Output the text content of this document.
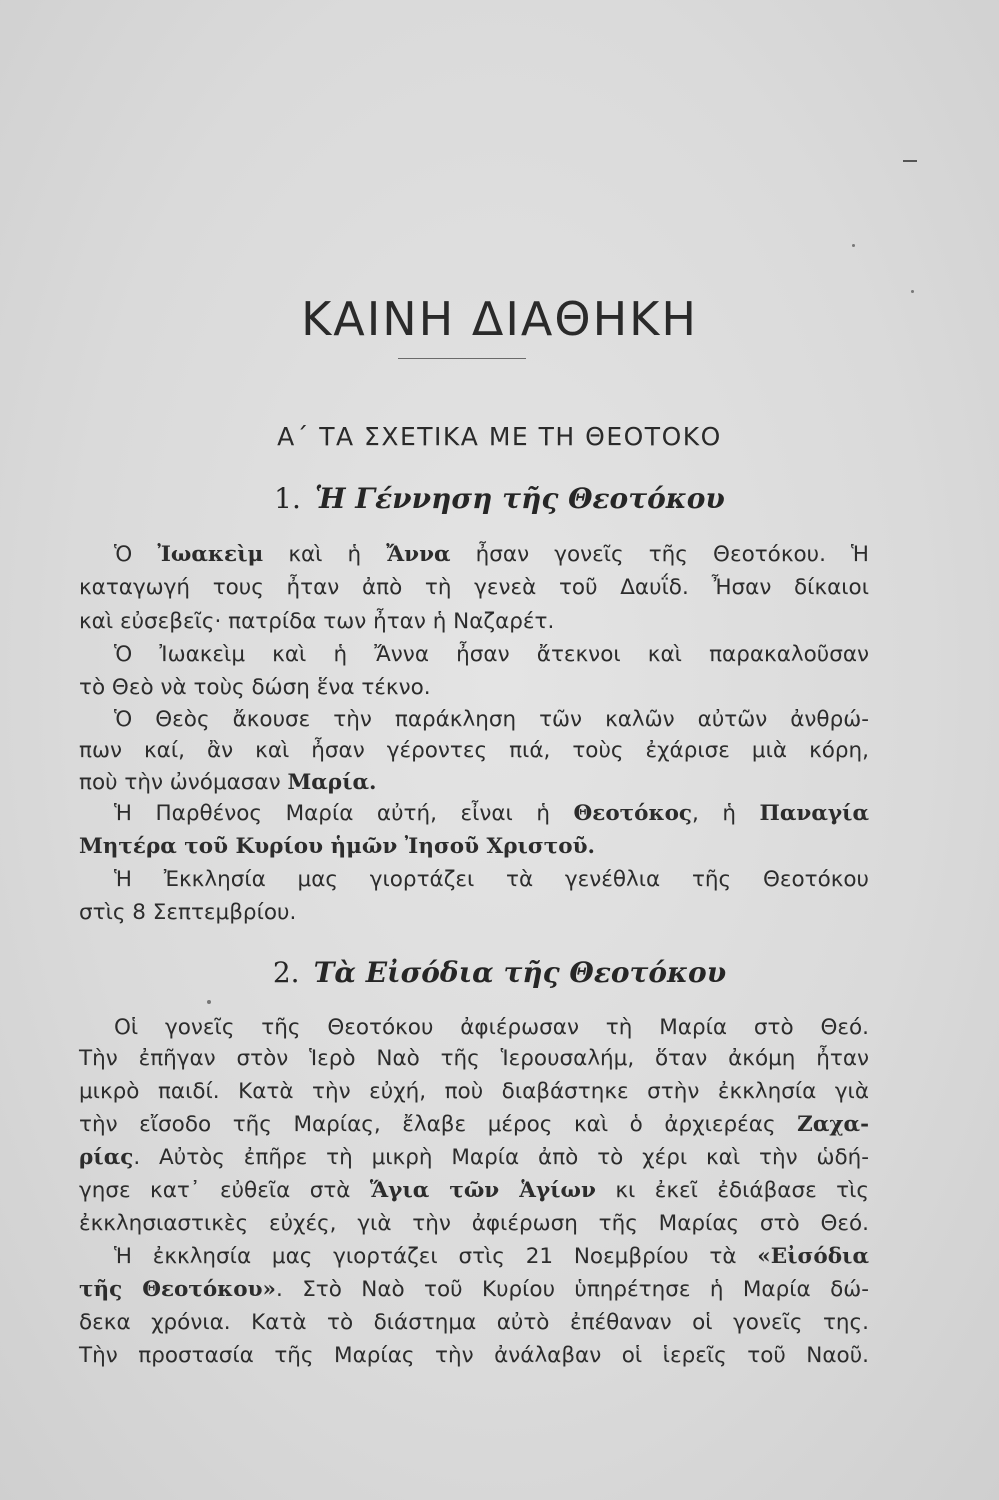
ΚΑΙΝΗ ΔΙΑΘΗΚΗ
Α΄ ΤΑ ΣΧΕΤΙΚΑ ΜΕ ΤΗ ΘΕΟΤΟΚΟ
1. Ἡ Γέννηση τῆς Θεοτόκου
Ὁ Ἰωακεὶμ καὶ ἡ Ἄννα ἦσαν γονεῖς τῆς Θεοτόκου. Ἡ
καταγωγή τους ἦταν ἀπὸ τὴ γενεὰ τοῦ Δαυΐδ. Ἦσαν δίκαιοι
καὶ εὐσεβεῖς· πατρίδα των ἦταν ἡ Ναζαρέτ.
Ὁ Ἰωακεὶμ καὶ ἡ Ἄννα ἦσαν ἄτεκνοι καὶ παρακαλοῦσαν
τὸ Θεὸ νὰ τοὺς δώση ἕνα τέκνο.
Ὁ Θεὸς ἄκουσε τὴν παράκληση τῶν καλῶν αὐτῶν ἀνθρώ-
πων καί, ἂν καὶ ἦσαν γέροντες πιά, τοὺς ἐχάρισε μιὰ κόρη,
ποὺ τὴν ὠνόμασαν Μαρία.
Ἡ Παρθένος Μαρία αὐτή, εἶναι ἡ Θεοτόκος, ἡ Παναγία
Μητέρα τοῦ Κυρίου ἡμῶν Ἰησοῦ Χριστοῦ.
Ἡ Ἐκκλησία μας γιορτάζει τὰ γενέθλια τῆς Θεοτόκου
στὶς 8 Σεπτεμβρίου.
2. Τὰ Εἰσόδια τῆς Θεοτόκου
Οἱ γονεῖς τῆς Θεοτόκου ἀφιέρωσαν τὴ Μαρία στὸ Θεό.
Τὴν ἐπῆγαν στὸν Ἱερὸ Ναὸ τῆς Ἱερουσαλήμ, ὅταν ἀκόμη ἦταν
μικρὸ παιδί. Κατὰ τὴν εὐχή, ποὺ διαβάστηκε στὴν ἐκκλησία γιὰ
τὴν εἴσοδο τῆς Μαρίας, ἔλαβε μέρος καὶ ὁ ἀρχιερέας Ζαχα-
ρίας. Αὐτὸς ἐπῆρε τὴ μικρὴ Μαρία ἀπὸ τὸ χέρι καὶ τὴν ὡδή-
γησε κατ᾿ εὐθεῖα στὰ Ἅγια τῶν Ἁγίων κι ἐκεῖ ἐδιάβασε τὶς
ἐκκλησιαστικὲς εὐχές, γιὰ τὴν ἀφιέρωση τῆς Μαρίας στὸ Θεό.
Ἡ ἐκκλησία μας γιορτάζει στὶς 21 Νοεμβρίου τὰ «Εἰσόδια
τῆς Θεοτόκου». Στὸ Ναὸ τοῦ Κυρίου ὑπηρέτησε ἡ Μαρία δώ-
δεκα χρόνια. Κατὰ τὸ διάστημα αὐτὸ ἐπέθαναν οἱ γονεῖς της.
Τὴν προστασία τῆς Μαρίας τὴν ἀνάλαβαν οἱ ἱερεῖς τοῦ Ναοῦ.
